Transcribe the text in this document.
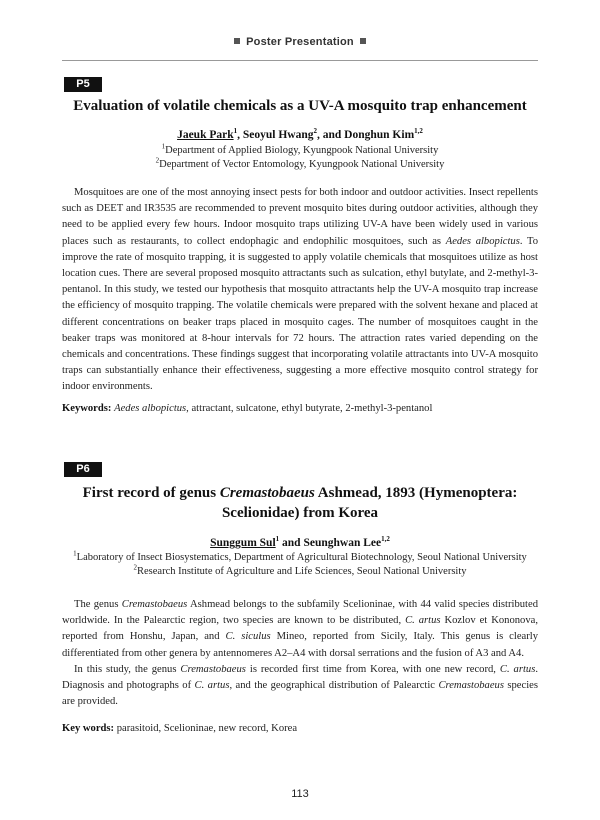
Poster Presentation
P5
Evaluation of volatile chemicals as a UV-A mosquito trap enhancement
Jaeuk Park$^1$, Seoyul Hwang$^2$, and Donghun Kim$^{1,2}$
$^1$Department of Applied Biology, Kyungpook National University
$^2$Department of Vector Entomology, Kyungpook National University

Mosquitoes are one of the most annoying insect pests for both indoor and outdoor activities. Insect repellents such as DEET and IR3535 are recommended to prevent mosquito bites during outdoor activities, although they need to be applied every few hours. Indoor mosquito traps utilizing UV-A have been widely used in various places such as restaurants, to collect endophagic and endophilic mosquitoes, such as Aedes albopictus. To improve the rate of mosquito trapping, it is suggested to apply volatile chemicals that mosquitoes utilize as host location cues. There are several proposed mosquito attractants such as sulcation, ethyl butylate, and 2-methyl-3-pentanol. In this study, we tested our hypothesis that mosquito attractants help the UV-A mosquito trap increase the efficiency of mosquito trapping. The volatile chemicals were prepared with the solvent hexane and placed at different concentrations on beaker traps placed in mosquito cages. The number of mosquitoes caught in the beaker traps was monitored at 8-hour intervals for 72 hours. The attraction rates varied depending on the chemicals and concentrations. These findings suggest that incorporating volatile attractants into UV-A mosquito traps can substantially enhance their effectiveness, suggesting a more effective mosquito control strategy for indoor environments.

Keywords: Aedes albopictus, attractant, sulcatone, ethyl butyrate, 2-methyl-3-pentanol
P6
First record of genus Cremastobaeus Ashmead, 1893 (Hymenoptera: Scelionidae) from Korea
Sunggum Sul$^1$ and Seunghwan Lee$^{1,2}$
$^1$Laboratory of Insect Biosystematics, Department of Agricultural Biotechnology, Seoul National University
$^2$Research Institute of Agriculture and Life Sciences, Seoul National University

The genus Cremastobaeus Ashmead belongs to the subfamily Scelioninae, with 44 valid species distributed worldwide. In the Palearctic region, two species are known to be distributed, C. artus Kozlov et Kononova, reported from Honshu, Japan, and C. siculus Mineo, reported from Sicily, Italy. This genus is clearly differentiated from other genera by antennomeres A2–A4 with dorsal serrations and the fusion of A3 and A4.

In this study, the genus Cremastobaeus is recorded first time from Korea, with one new record, C. artus. Diagnosis and photographs of C. artus, and the geographical distribution of Palearctic Cremastobaeus species are provided.

Key words: parasitoid, Scelioninae, new record, Korea
113
